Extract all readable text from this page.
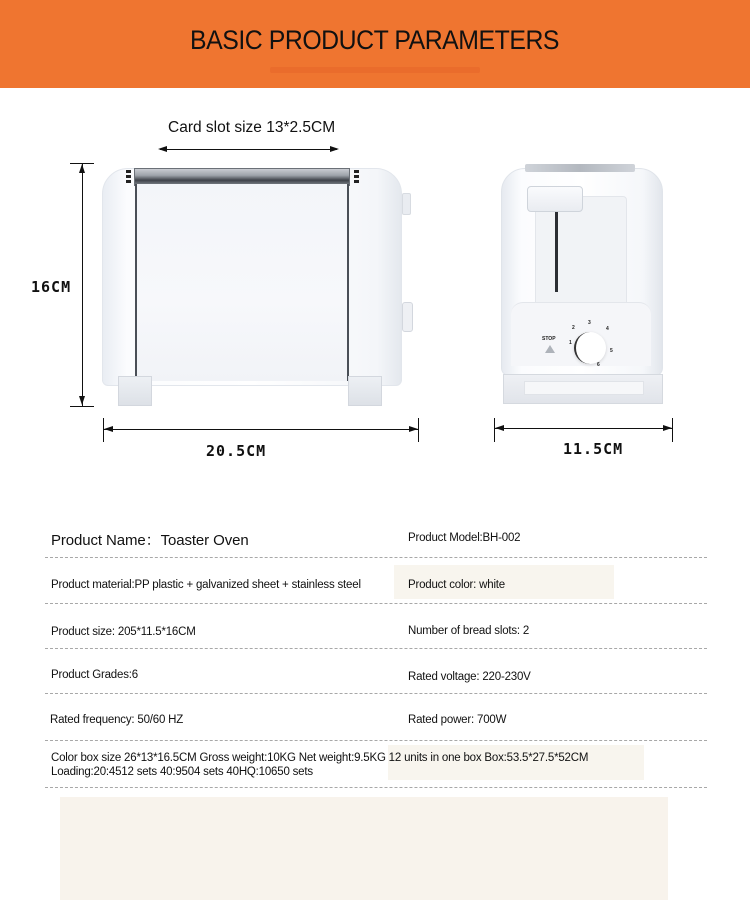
BASIC PRODUCT PARAMETERS
Card slot size 13*2.5CM
16CM
20.5CM	11.5CM
1
2
3
4
5
6
STOP
Product Name：Toaster Oven	Product Model:BH-002
Product material:PP plastic + galvanized sheet + stainless steel	Product color: white
Product size: 205*11.5*16CM	Number of bread slots: 2
Product Grades:6	Rated voltage: 220-230V
Rated frequency: 50/60 HZ	Rated power: 700W
Color box size 26*13*16.5CM Gross weight:10KG Net weight:9.5KG 12 units in one box Box:53.5*27.5*52CM
Loading:20:4512 sets 40:9504 sets 40HQ:10650 sets
